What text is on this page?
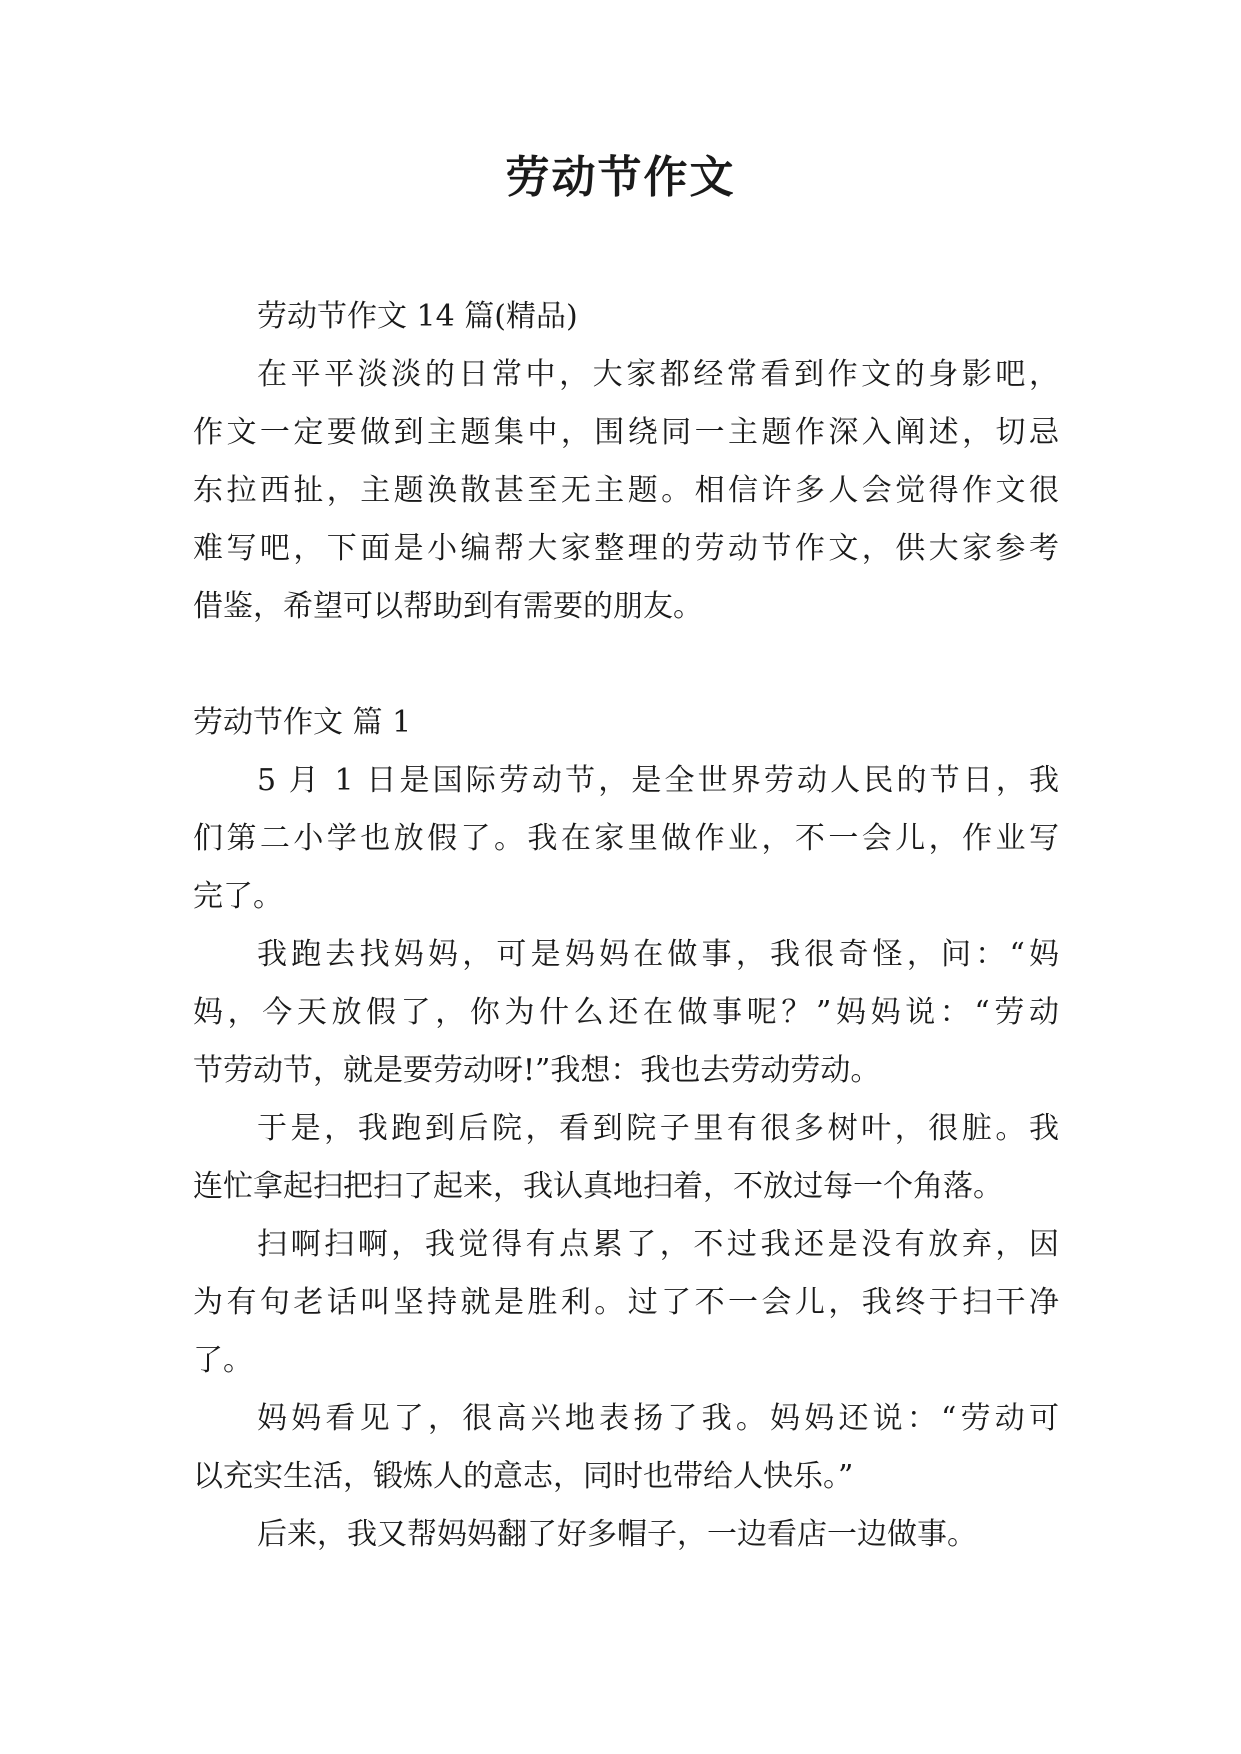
劳动节作文
劳动节作文 14 篇(精品)
在平平淡淡的日常中，大家都经常看到作文的身影吧，
作文一定要做到主题集中，围绕同一主题作深入阐述，切忌
东拉西扯，主题涣散甚至无主题。相信许多人会觉得作文很
难写吧，下面是小编帮大家整理的劳动节作文，供大家参考
借鉴，希望可以帮助到有需要的朋友。
劳动节作文 篇 1
5 月 1 日是国际劳动节，是全世界劳动人民的节日，我
们第二小学也放假了。我在家里做作业，不一会儿，作业写
完了。
我跑去找妈妈，可是妈妈在做事，我很奇怪，问：“妈
妈，今天放假了，你为什么还在做事呢？”妈妈说：“劳动
节劳动节，就是要劳动呀!”我想：我也去劳动劳动。
于是，我跑到后院，看到院子里有很多树叶，很脏。我
连忙拿起扫把扫了起来，我认真地扫着，不放过每一个角落。
扫啊扫啊，我觉得有点累了，不过我还是没有放弃，因
为有句老话叫坚持就是胜利。过了不一会儿，我终于扫干净
了。
妈妈看见了，很高兴地表扬了我。妈妈还说：“劳动可
以充实生活，锻炼人的意志，同时也带给人快乐。”
后来，我又帮妈妈翻了好多帽子，一边看店一边做事。
